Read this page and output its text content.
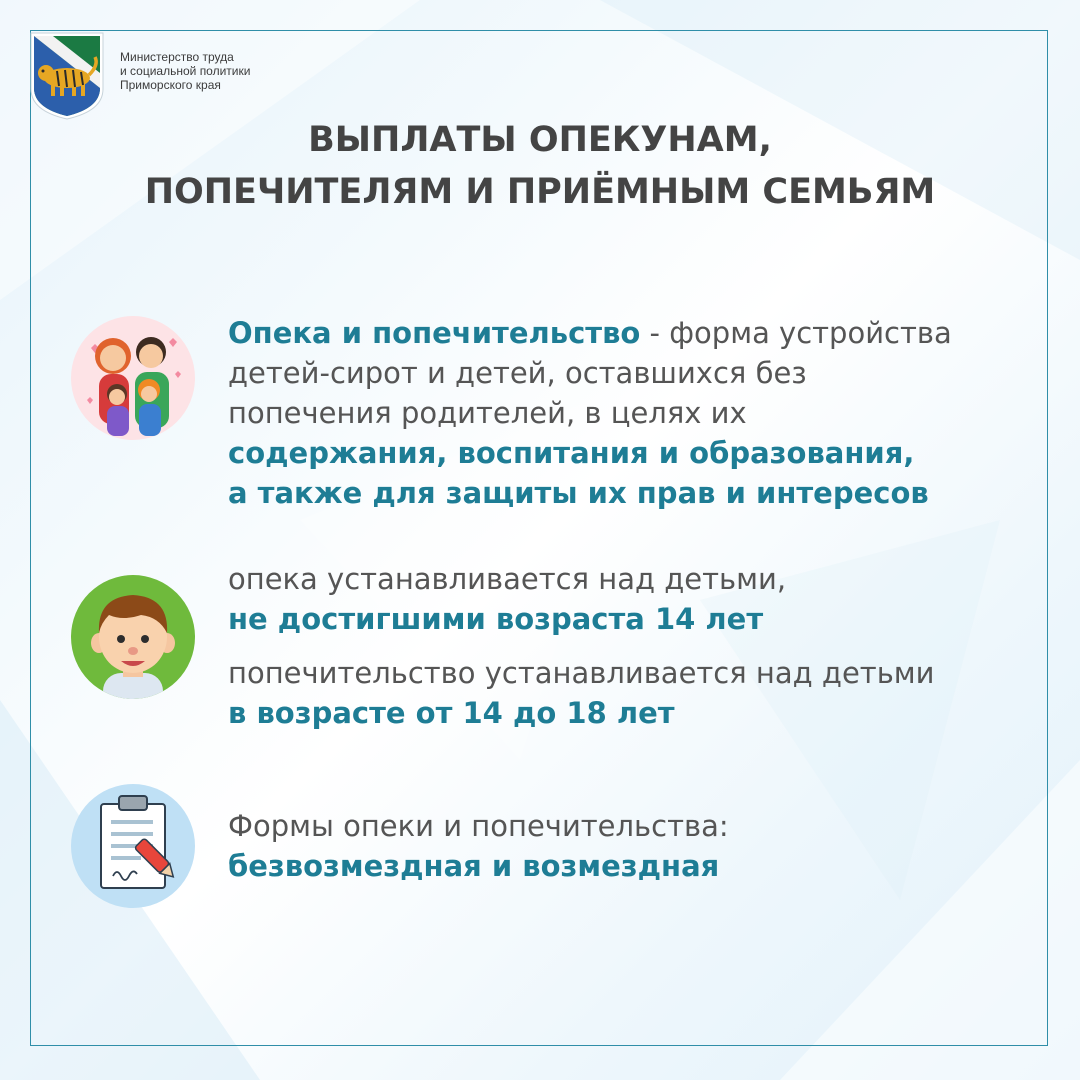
Министерство труда
и социальной политики
Приморского края
ВЫПЛАТЫ ОПЕКУНАМ,
ПОПЕЧИТЕЛЯМ И ПРИЁМНЫМ СЕМЬЯМ
Опека и попечительство - форма устройства
детей-сирот и детей, оставшихся без
попечения родителей, в целях их
содержания, воспитания и образования,
а также для защиты их прав и интересов
опека устанавливается над детьми,
не достигшими возраста 14 лет
попечительство устанавливается над детьми
в возрасте от 14 до 18 лет
Формы опеки и попечительства:
безвозмездная и возмездная
